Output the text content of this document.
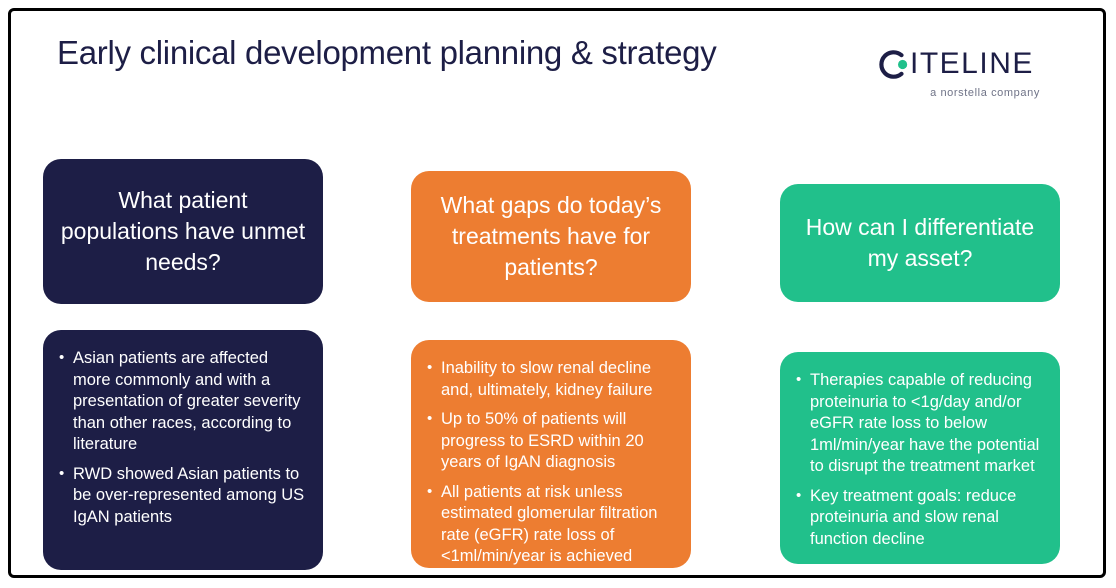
Early clinical development planning & strategy	ITELINE
a norstella company
What patient populations have unmet needs?
• Asian patients are affected more commonly and with a presentation of greater severity than other races, according to literature
• RWD showed Asian patients to be over-represented among US IgAN patients
What gaps do today’s treatments have for patients?
• Inability to slow renal decline and, ultimately, kidney failure
• Up to 50% of patients will progress to ESRD within 20 years of IgAN diagnosis
• All patients at risk unless estimated glomerular filtration rate (eGFR) rate loss of <1ml/min/year is achieved
How can I differentiate my asset?
• Therapies capable of reducing proteinuria to <1g/day and/or eGFR rate loss to below 1ml/min/year have the potential to disrupt the treatment market
• Key treatment goals: reduce proteinuria and slow renal function decline
